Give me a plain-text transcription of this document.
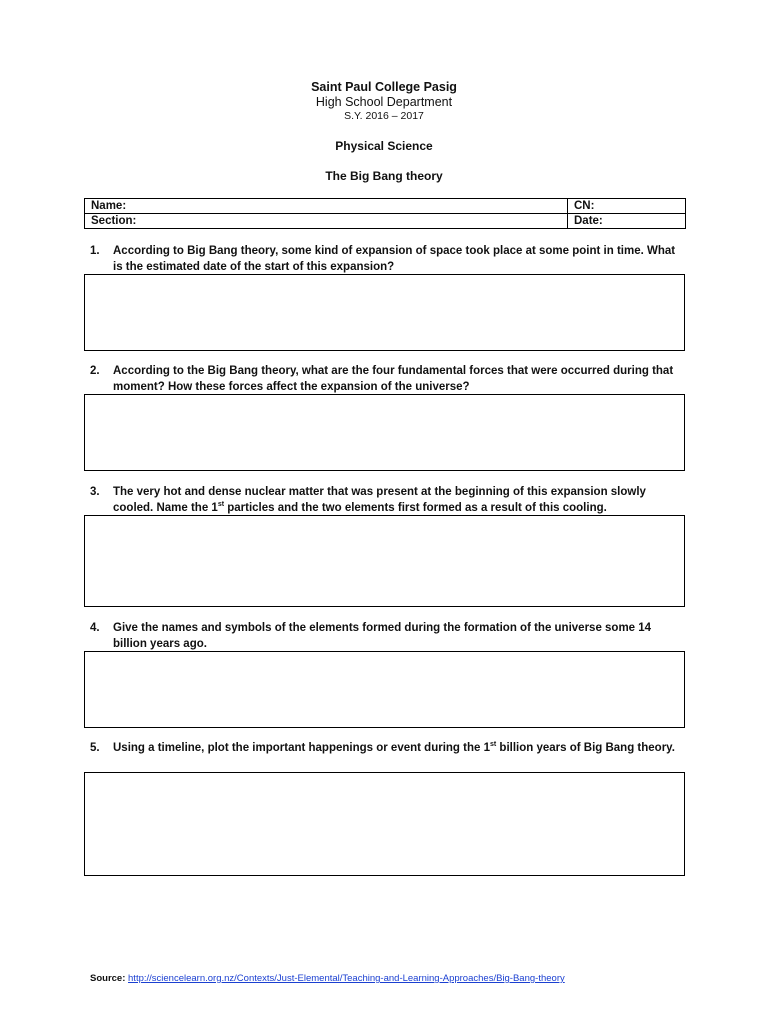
Saint Paul College Pasig
High School Department
S.Y. 2016 – 2017
Physical Science
The Big Bang theory
Name:	CN:
Section:	Date:
1. According to Big Bang theory, some kind of expansion of space took place at some point in time. What is the estimated date of the start of this expansion?
2. According to the Big Bang theory, what are the four fundamental forces that were occurred during that moment? How these forces affect the expansion of the universe?
3. The very hot and dense nuclear matter that was present at the beginning of this expansion slowly cooled. Name the 1st particles and the two elements first formed as a result of this cooling.
4. Give the names and symbols of the elements formed during the formation of the universe some 14 billion years ago.
5. Using a timeline, plot the important happenings or event during the 1st billion years of Big Bang theory.
Source: http://sciencelearn.org.nz/Contexts/Just-Elemental/Teaching-and-Learning-Approaches/Big-Bang-theory
